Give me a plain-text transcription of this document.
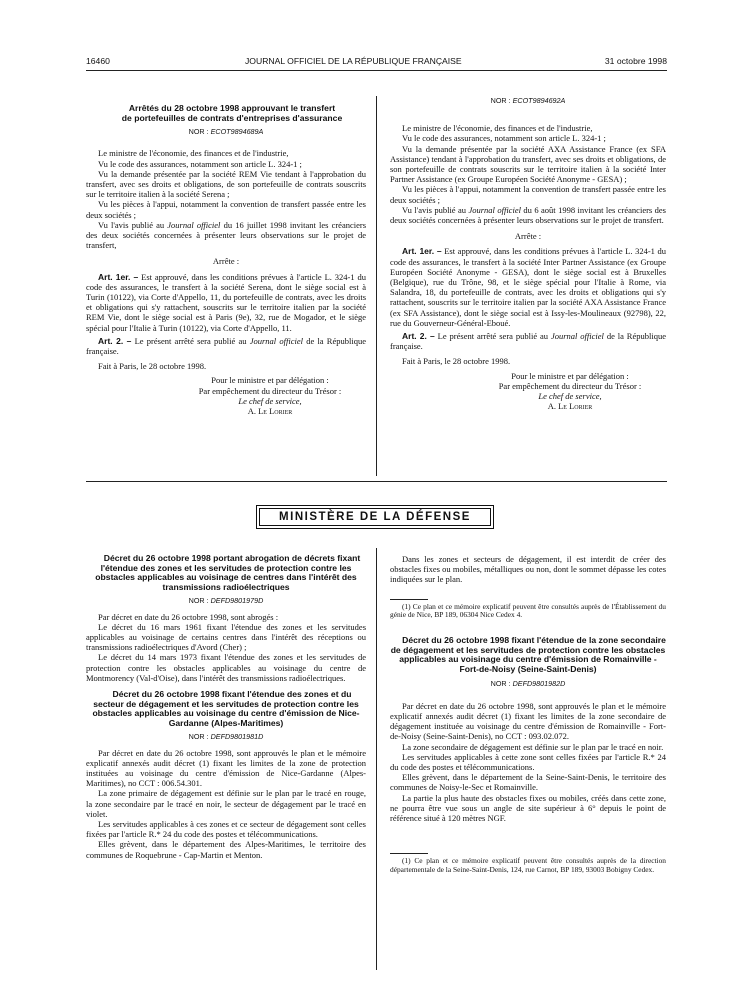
16460	JOURNAL OFFICIEL DE LA RÉPUBLIQUE FRANÇAISE	31 octobre 1998

Arrêtés du 28 octobre 1998 approuvant le transfert

de portefeuilles de contrats d'entreprises d'assurance

NOR : ECOT9894689A

Le ministre de l'économie, des finances et de l'industrie,

Vu le code des assurances, notamment son article L. 324-1 ;

Vu la demande présentée par la société REM Vie tendant à l'approbation du transfert, avec ses droits et obligations, de son portefeuille de contrats souscrits sur le territoire italien à la société Serena ;

Vu les pièces à l'appui, notamment la convention de transfert passée entre les deux sociétés ;

Vu l'avis publié au Journal officiel du 16 juillet 1998 invitant les créanciers des deux sociétés concernées à présenter leurs observations sur le projet de transfert,

Arrête :

Art. 1er. – Est approuvé, dans les conditions prévues à l'article L. 324-1 du code des assurances, le transfert à la société Serena, dont le siège social est à Turin (10122), via Corte d'Appello, 11, du portefeuille de contrats, avec les droits et obligations qui s'y rattachent, souscrits sur le territoire italien par la société REM Vie, dont le siège social est à Paris (9e), 32, rue de Mogador, et le siège spécial pour l'Italie à Turin (10122), via Corte d'Appello, 11.

Art. 2. – Le présent arrêté sera publié au Journal officiel de la République française.

Fait à Paris, le 28 octobre 1998.

Pour le ministre et par délégation :

Par empêchement du directeur du Trésor :

Le chef de service,

A. Le Lorier

NOR : ECOT9894692A

Le ministre de l'économie, des finances et de l'industrie,

Vu le code des assurances, notamment son article L. 324-1 ;

Vu la demande présentée par la société AXA Assistance France (ex SFA Assistance) tendant à l'approbation du transfert, avec ses droits et obligations, de son portefeuille de contrats souscrits sur le territoire italien à la société Inter Partner Assistance (ex Groupe Européen Société Anonyme - GESA) ;

Vu les pièces à l'appui, notamment la convention de transfert passée entre les deux sociétés ;

Vu l'avis publié au Journal officiel du 6 août 1998 invitant les créanciers des deux sociétés concernées à présenter leurs observations sur le projet de transfert.

Arrête :

Art. 1er. – Est approuvé, dans les conditions prévues à l'article L. 324-1 du code des assurances, le transfert à la société Inter Partner Assistance (ex Groupe Européen Société Anonyme - GESA), dont le siège social est à Bruxelles (Belgique), rue du Trône, 98, et le siège spécial pour l'Italie à Rome, via Salandra, 18, du portefeuille de contrats, avec les droits et obligations qui s'y rattachent, souscrits sur le territoire italien par la société AXA Assistance France (ex SFA Assistance), dont le siège social est à Issy-les-Moulineaux (92798), 22, rue du Gouverneur-Général-Eboué.

Art. 2. – Le présent arrêté sera publié au Journal officiel de la République française.

Fait à Paris, le 28 octobre 1998.

Pour le ministre et par délégation :

Par empêchement du directeur du Trésor :

Le chef de service,

A. Le Lorier

MINISTÈRE DE LA DÉFENSE

Décret du 26 octobre 1998 portant abrogation de décrets fixant l'étendue des zones et les servitudes de protection contre les obstacles applicables au voisinage de centres dans l'intérêt des transmissions radioélectriques

NOR : DEFD9801979D

Par décret en date du 26 octobre 1998, sont abrogés :

Le décret du 16 mars 1961 fixant l'étendue des zones et les servitudes applicables au voisinage de certains centres dans l'intérêt des réceptions ou transmissions radioélectriques d'Avord (Cher) ;

Le décret du 14 mars 1973 fixant l'étendue des zones et les servitudes de protection contre les obstacles applicables au voisinage du centre de Montmorency (Val-d'Oise), dans l'intérêt des transmissions radioélectriques.

Décret du 26 octobre 1998 fixant l'étendue des zones et du secteur de dégagement et les servitudes de protection contre les obstacles applicables au voisinage du centre d'émission de Nice-Gardanne (Alpes-Maritimes)

NOR : DEFD9801981D

Par décret en date du 26 octobre 1998, sont approuvés le plan et le mémoire explicatif annexés audit décret (1) fixant les limites de la zone de protection instituées au voisinage du centre d'émission de Nice-Gardanne (Alpes-Maritimes), no CCT : 006.54.301.

La zone primaire de dégagement est définie sur le plan par le tracé en rouge, la zone secondaire par le tracé en noir, le secteur de dégagement par le tracé en violet.

Les servitudes applicables à ces zones et ce secteur de dégagement sont celles fixées par l'article R.* 24 du code des postes et télécommunications.

Elles grèvent, dans le département des Alpes-Maritimes, le territoire des communes de Roquebrune - Cap-Martin et Menton.

Dans les zones et secteurs de dégagement, il est interdit de créer des obstacles fixes ou mobiles, métalliques ou non, dont le sommet dépasse les cotes indiquées sur le plan.

(1) Ce plan et ce mémoire explicatif peuvent être consultés auprès de l'Établissement du génie de Nice, BP 189, 06304 Nice Cedex 4.

Décret du 26 octobre 1998 fixant l'étendue de la zone secondaire de dégagement et les servitudes de protection contre les obstacles applicables au voisinage du centre d'émission de Romainville - Fort-de-Noisy (Seine-Saint-Denis)

NOR : DEFD9801982D

Par décret en date du 26 octobre 1998, sont approuvés le plan et le mémoire explicatif annexés audit décret (1) fixant les limites de la zone secondaire de dégagement instituée au voisinage du centre d'émission de Romainville - Fort-de-Noisy (Seine-Saint-Denis), no CCT : 093.02.072.

La zone secondaire de dégagement est définie sur le plan par le tracé en noir.

Les servitudes applicables à cette zone sont celles fixées par l'article R.* 24 du code des postes et télécommunications.

Elles grèvent, dans le département de la Seine-Saint-Denis, le territoire des communes de Noisy-le-Sec et Romainville.

La partie la plus haute des obstacles fixes ou mobiles, créés dans cette zone, ne pourra être vue sous un angle de site supérieur à 6° depuis le point de référence situé à 120 mètres NGF.

(1) Ce plan et ce mémoire explicatif peuvent être consultés auprès de la direction départementale de la Seine-Saint-Denis, 124, rue Carnot, BP 189, 93003 Bobigny Cedex.
